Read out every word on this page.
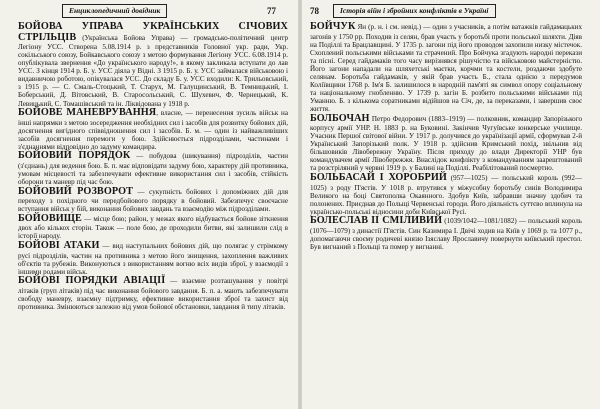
Енциклопедичний довідник	77

БОЙОВА УПРАВА УКРАЇНСЬКИХ СІЧОВИХ СТРІЛЬЦІВ (Українська Бойова Управа) — громадсько-політичний центр Легіону УСС. Створена 5.08.1914 р. з представників Головної укр. ради, Укр. сокільського союзу, Бойкавського союзу з метою формування Легіону УСС. 6.08.1914 р. опублікувала звернення «До українського народу!», в якому закликала вступати до лав УСС. З кінця 1914 р. Б. у. УСС діяла у Відні. З 1915 р. Б. у. УСС займалася військовою і видавничою роботою, опікувалася УСС. До складу Б. у. УСС входили: К. Трильовський, з 1915 р. — С. Смаль-Стоцький, Т. Старух, М. Галущинський, В. Темницький, І. Боберський, Д. Вітовський, В. Старосольський, С. Шухевич, Ф. Чернецький, К. Левицький, С. Томашівський та ін. Ліквідована у 1918 р.

БОЙОВЕ МАНЕВРУВАННЯ, власне, — перенесення зусиль військ на інші напрямки з метою зосередження необхідних сил і засобів для розвитку бойових дій, досягнення вигідного співвідношення сил і засобів. Б. м. — один із найважливіших засобів досягнення перемоги у бою. Здійснюється підрозділами, частинами і з'єднаннями відповідно до задуму командира.

БОЙОВИЙ ПОРЯДОК — побудова (шикування) підрозділів, частин (з'єднань) для ведення бою. Б. п. має відповідати задуму бою, характеру дій противника, умовам місцевості та забезпечувати ефективне використання сил і засобів, стійкість оборони та маневр під час бою.

БОЙОВИЙ РОЗВОРОТ — сукупність бойових і допоміжних дій для переходу з похідного чи передбойового порядку в бойовий. Забезпечує своєчасне вступання військ у бій, виконання бойових завдань та взаємодію між підрозділами.

БОЙОВИЩЕ — місце бою; район, у межах якого відбувається бойове зіткнення двох або кількох сторін. Також — поле бою, де проходили битви, які залишили слід в історії народу.

БОЙОВІ АТАКИ — вид наступальних бойових дій, що полягає у стрімкому русі підрозділів, частин на противника з метою його знищення, захоплення важливих об'єктів та рубежів. Виконуються з використанням вогню всіх видів зброї, у взаємодії з іншими родами військ.

БОЙОВІ ПОРЯДКИ АВІАЦІЇ — взаємне розташування у повітрі літаків (груп літаків) під час виконання бойового завдання. Б. п. а. мають забезпечувати свободу маневру, взаємну підтримку, ефективне використання зброї та захист від противника. Змінюються залежно від умов бойової обстановки, завдання й типу літаків.

78	Історія війн і збройних конфліктів в Україні

БОЙЧУК Ян (р. н. і см. невід.) — один з учасників, а потім ватажків гайдамацьких загонів у 1750 рр. Походив із селян, брав участь у боротьбі проти польської шляхти. Діяв на Поділлі та Брацлавщині. У 1735 р. загони під його проводом захопили низку містечок. Схоплений польськими військами та страчений. Про Бойчука згадують народні перекази та пісні. Серед гайдамаків того часу вирізнявся рішучістю та військовою майстерністю. Його загони нападали на шляхетські маєтки, корчми та костели, роздаючи здобуте селянам. Боротьба гайдамаків, у якій брав участь Б., стала однією з передумов Коліївщини 1768 р. Ім'я Б. залишилося в народній пам'яті як символ опору соціальному та національному гнобленню. У 1739 р. загін Б. розбито польськими військами під Уманню. Б. з кількома соратниками відійшов на Січ, де, за переказами, і завершив своє життя.

БОЛБОЧАН Петро Федорович (1883–1919) — полковник, командир Запорізького корпусу армії УНР. Н. 1883 р. на Буковині. Закінчив Чугуївське юнкерське училище. Учасник Першої світової війни. У 1917 р. долучився до українізації армії, сформував 2-й Український Запорізький полк. У 1918 р. здійснив Кримський похід, звільнив від більшовиків Лівобережну Україну. Після приходу до влади Директорії УНР був командувачем армії Лівобережжя. Внаслідок конфлікту з командуванням заарештований та розстріляний у червні 1919 р. у Балині на Поділлі. Реабілітований посмертно.

БОЛЬБАСАЙ І ХОРОБРИЙ (957—1025) — польський король (992—1025) з роду П'ястів. У 1018 р. втрутився у міжусобну боротьбу синів Володимира Великого на боці Святополка Окаянного. Здобув Київ, забравши значну здобич та полонених. Приєднав до Польщі Червенські городи. Його діяльність суттєво вплинула на українсько-польські відносини доби Київської Русі.

БОЛЕСЛАВ ІІ СМІЛИВИЙ (1039/1042—1081/1082) — польський король (1076—1079) з династії П'ястів. Син Казимира І. Двічі ходив на Київ у 1069 р. та 1077 р., допомагаючи своєму родичеві князю Ізяславу Ярославичу повернути київський престол. Був вигнаний з Польщі та помер у вигнанні.
